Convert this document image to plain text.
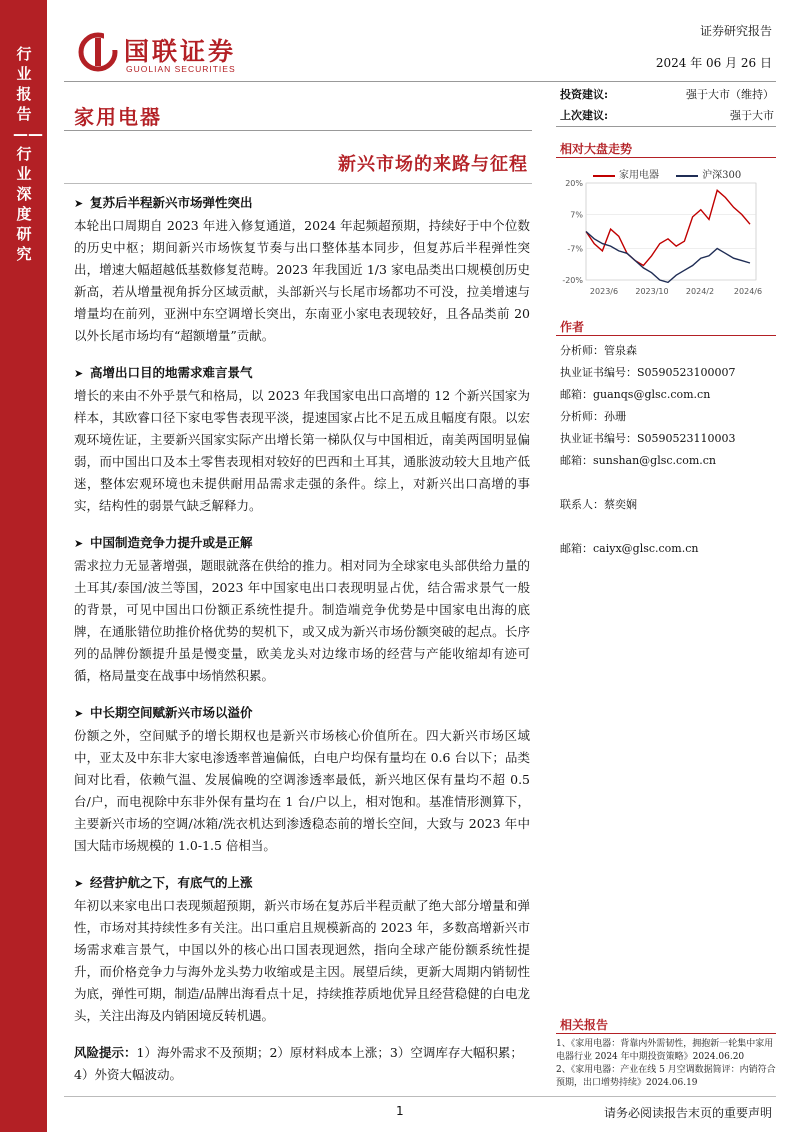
行业报告——行业深度研究
国联证券
GUOLIAN SECURITIES
证券研究报告
2024 年 06 月 26 日
家用电器
投资建议:	强于大市（维持）
上次建议:	强于大市
新兴市场的来路与征程
➤ 复苏后半程新兴市场弹性突出

本轮出口周期自 2023 年进入修复通道，2024 年起频超预期，持续好于中个位数的历史中枢；期间新兴市场恢复节奏与出口整体基本同步，但复苏后半程弹性突出，增速大幅超越低基数修复范畴。2023 年我国近 1/3 家电品类出口规模创历史新高，若从增量视角拆分区域贡献，头部新兴与长尾市场都功不可没，拉美增速与增量均在前列，亚洲中东空调增长突出，东南亚小家电表现较好，且各品类前 20 以外长尾市场均有“超额增量”贡献。

➤ 高增出口目的地需求难言景气

增长的来由不外乎景气和格局，以 2023 年我国家电出口高增的 12 个新兴国家为样本，其欧睿口径下家电零售表现平淡，提速国家占比不足五成且幅度有限。以宏观环境佐证，主要新兴国家实际产出增长第一梯队仅与中国相近，南美两国明显偏弱，而中国出口及本土零售表现相对较好的巴西和土耳其，通胀波动较大且地产低迷，整体宏观环境也未提供耐用品需求走强的条件。综上，对新兴出口高增的事实，结构性的弱景气缺乏解释力。

➤ 中国制造竞争力提升或是正解

需求拉力无显著增强，题眼就落在供给的推力。相对同为全球家电头部供给力量的土耳其/泰国/波兰等国，2023 年中国家电出口表现明显占优，结合需求景气一般的背景，可见中国出口份额正系统性提升。制造端竞争优势是中国家电出海的底牌，在通胀错位助推价格优势的契机下，或又成为新兴市场份额突破的起点。长序列的品牌份额提升虽是慢变量，欧美龙头对边缘市场的经营与产能收缩却有迹可循，格局量变在战事中场悄然积累。

➤ 中长期空间赋新兴市场以溢价

份额之外，空间赋予的增长期权也是新兴市场核心价值所在。四大新兴市场区域中，亚太及中东非大家电渗透率普遍偏低，白电户均保有量均在 0.6 台以下；品类间对比看，依赖气温、发展偏晚的空调渗透率最低，新兴地区保有量均不超 0.5 台/户，而电视除中东非外保有量均在 1 台/户以上，相对饱和。基准情形测算下，主要新兴市场的空调/冰箱/洗衣机达到渗透稳态前的增长空间，大致与 2023 年中国大陆市场规模的 1.0-1.5 倍相当。

➤ 经营护航之下，有底气的上涨

年初以来家电出口表现频超预期，新兴市场在复苏后半程贡献了绝大部分增量和弹性，市场对其持续性多有关注。出口重启且规模新高的 2023 年，多数高增新兴市场需求难言景气，中国以外的核心出口国表现迥然，指向全球产能份额系统性提升，而价格竞争力与海外龙头势力收缩或是主因。展望后续，更新大周期内销韧性为底，弹性可期，制造/品牌出海看点十足，持续推荐质地优异且经营稳健的白电龙头，关注出海及内销困境反转机遇。

风险提示：1）海外需求不及预期；2）原材料成本上涨；3）空调库存大幅积累；4）外资大幅波动。

相对大盘走势
家用电器	沪深300
20%
7%
-7%
-20%
2023/6 2023/10 2024/2 2024/6
作者
分析师：管泉森
执业证书编号：S0590523100007
邮箱：guanqs@glsc.com.cn
分析师：孙珊
执业证书编号：S0590523110003
邮箱：sunshan@glsc.com.cn
联系人：蔡奕娴
邮箱：caiyx@glsc.com.cn
相关报告
1、《家用电器：背靠内外需韧性，拥抱新一轮集中家用电器行业 2024 年中期投资策略》2024.06.20
2、《家用电器：产业在线 5 月空调数据简评：内销符合预期，出口增势持续》2024.06.19
1	请务必阅读报告末页的重要声明
